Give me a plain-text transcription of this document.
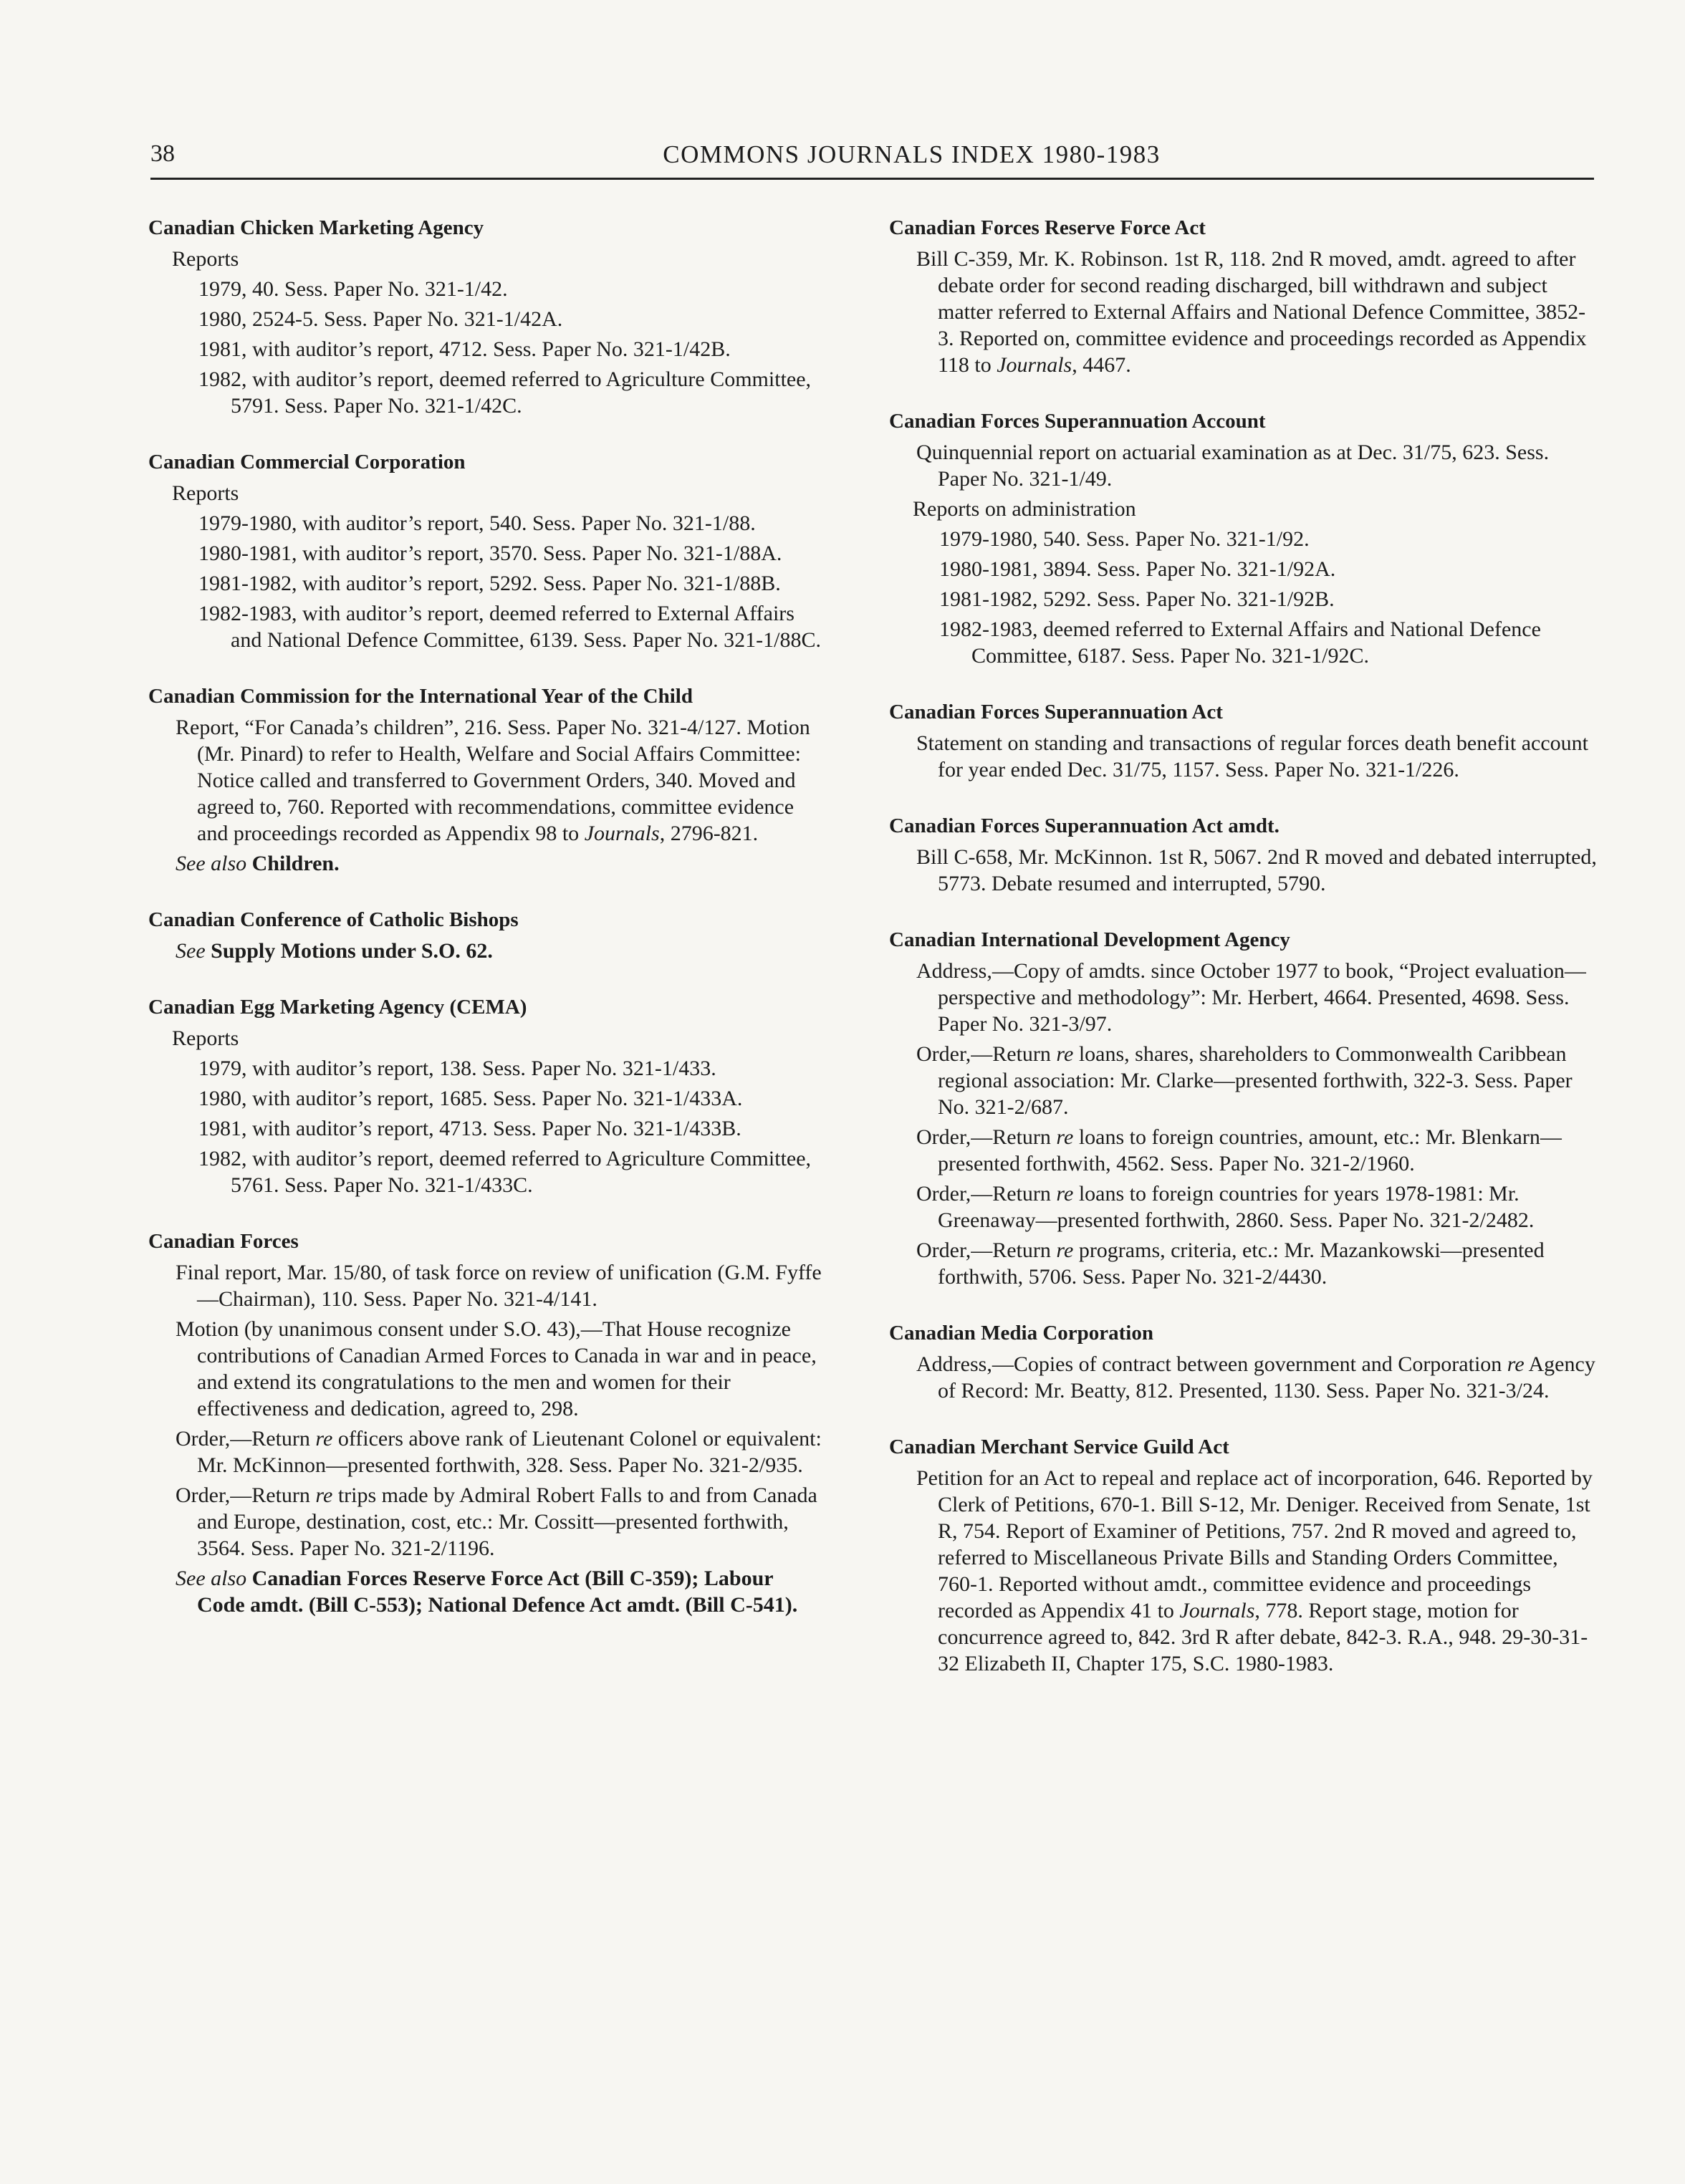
38	COMMONS JOURNALS INDEX 1980-1983

Canadian Chicken Marketing Agency

Reports

1979, 40. Sess. Paper No. 321-1/42.

1980, 2524-5. Sess. Paper No. 321-1/42A.

1981, with auditor’s report, 4712. Sess. Paper No. 321-1/42B.

1982, with auditor’s report, deemed referred to Agriculture Committee, 5791. Sess. Paper No. 321-1/42C.

Canadian Commercial Corporation

Reports

1979-1980, with auditor’s report, 540. Sess. Paper No. 321-1/88.

1980-1981, with auditor’s report, 3570. Sess. Paper No. 321-1/88A.

1981-1982, with auditor’s report, 5292. Sess. Paper No. 321-1/88B.

1982-1983, with auditor’s report, deemed referred to External Affairs and National Defence Committee, 6139. Sess. Paper No. 321-1/88C.

Canadian Commission for the International Year of the Child

Report, “For Canada’s children”, 216. Sess. Paper No. 321-4/127. Motion (Mr. Pinard) to refer to Health, Welfare and Social Affairs Committee: Notice called and transferred to Government Orders, 340. Moved and agreed to, 760. Reported with recommendations, committee evidence and proceedings recorded as Appendix 98 to Journals, 2796-821.

See also Children.

Canadian Conference of Catholic Bishops

See Supply Motions under S.O. 62.

Canadian Egg Marketing Agency (CEMA)

Reports

1979, with auditor’s report, 138. Sess. Paper No. 321-1/433.

1980, with auditor’s report, 1685. Sess. Paper No. 321-1/433A.

1981, with auditor’s report, 4713. Sess. Paper No. 321-1/433B.

1982, with auditor’s report, deemed referred to Agriculture Committee, 5761. Sess. Paper No. 321-1/433C.

Canadian Forces

Final report, Mar. 15/80, of task force on review of unification (G.M. Fyffe—Chairman), 110. Sess. Paper No. 321-4/141.

Motion (by unanimous consent under S.O. 43),—That House recognize contributions of Canadian Armed Forces to Canada in war and in peace, and extend its congratulations to the men and women for their effectiveness and dedication, agreed to, 298.

Order,—Return re officers above rank of Lieutenant Colonel or equivalent: Mr. McKinnon—presented forthwith, 328. Sess. Paper No. 321-2/935.

Order,—Return re trips made by Admiral Robert Falls to and from Canada and Europe, destination, cost, etc.: Mr. Cossitt—presented forthwith, 3564. Sess. Paper No. 321-2/1196.

See also Canadian Forces Reserve Force Act (Bill C-359); Labour Code amdt. (Bill C-553); National Defence Act amdt. (Bill C-541).

Canadian Forces Reserve Force Act

Bill C-359, Mr. K. Robinson. 1st R, 118. 2nd R moved, amdt. agreed to after debate order for second reading discharged, bill withdrawn and subject matter referred to External Affairs and National Defence Committee, 3852-3. Reported on, committee evidence and proceedings recorded as Appendix 118 to Journals, 4467.

Canadian Forces Superannuation Account

Quinquennial report on actuarial examination as at Dec. 31/75, 623. Sess. Paper No. 321-1/49.

Reports on administration

1979-1980, 540. Sess. Paper No. 321-1/92.

1980-1981, 3894. Sess. Paper No. 321-1/92A.

1981-1982, 5292. Sess. Paper No. 321-1/92B.

1982-1983, deemed referred to External Affairs and National Defence Committee, 6187. Sess. Paper No. 321-1/92C.

Canadian Forces Superannuation Act

Statement on standing and transactions of regular forces death benefit account for year ended Dec. 31/75, 1157. Sess. Paper No. 321-1/226.

Canadian Forces Superannuation Act amdt.

Bill C-658, Mr. McKinnon. 1st R, 5067. 2nd R moved and debated interrupted, 5773. Debate resumed and interrupted, 5790.

Canadian International Development Agency

Address,—Copy of amdts. since October 1977 to book, “Project evaluation—perspective and methodology”: Mr. Herbert, 4664. Presented, 4698. Sess. Paper No. 321-3/97.

Order,—Return re loans, shares, shareholders to Commonwealth Caribbean regional association: Mr. Clarke—presented forthwith, 322-3. Sess. Paper No. 321-2/687.

Order,—Return re loans to foreign countries, amount, etc.: Mr. Blenkarn—presented forthwith, 4562. Sess. Paper No. 321-2/1960.

Order,—Return re loans to foreign countries for years 1978-1981: Mr. Greenaway—presented forthwith, 2860. Sess. Paper No. 321-2/2482.

Order,—Return re programs, criteria, etc.: Mr. Mazankowski—presented forthwith, 5706. Sess. Paper No. 321-2/4430.

Canadian Media Corporation

Address,—Copies of contract between government and Corporation re Agency of Record: Mr. Beatty, 812. Presented, 1130. Sess. Paper No. 321-3/24.

Canadian Merchant Service Guild Act

Petition for an Act to repeal and replace act of incorporation, 646. Reported by Clerk of Petitions, 670-1. Bill S-12, Mr. Deniger. Received from Senate, 1st R, 754. Report of Examiner of Petitions, 757. 2nd R moved and agreed to, referred to Miscellaneous Private Bills and Standing Orders Committee, 760-1. Reported without amdt., committee evidence and proceedings recorded as Appendix 41 to Journals, 778. Report stage, motion for concurrence agreed to, 842. 3rd R after debate, 842-3. R.A., 948. 29-30-31-32 Elizabeth II, Chapter 175, S.C. 1980-1983.
